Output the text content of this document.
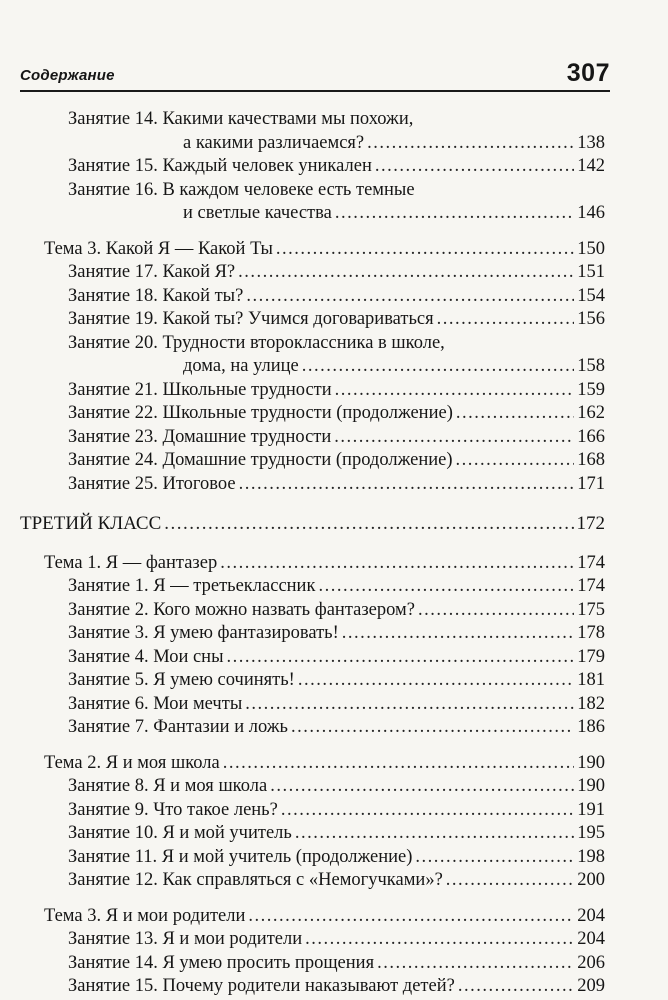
Содержание	307
Занятие 14. Какими качествами мы похожи,
а какими различаемся? .....	138
Занятие 15. Каждый человек уникален .....	142
Занятие 16. В каждом человеке есть темные
и светлые качества .....	146
Тема 3. Какой Я — Какой Ты .....	150
Занятие 17. Какой Я? .....	151
Занятие 18. Какой ты? .....	154
Занятие 19. Какой ты? Учимся договариваться .....	156
Занятие 20. Трудности второклассника в школе,
дома, на улице .....	158
Занятие 21. Школьные трудности .....	159
Занятие 22. Школьные трудности (продолжение) .....	162
Занятие 23. Домашние трудности .....	166
Занятие 24. Домашние трудности (продолжение) .....	168
Занятие 25. Итоговое .....	171
ТРЕТИЙ КЛАСС .....	172
Тема 1. Я — фантазер .....	174
Занятие 1. Я — третьеклассник .....	174
Занятие 2. Кого можно назвать фантазером? .....	175
Занятие 3. Я умею фантазировать! .....	178
Занятие 4. Мои сны .....	179
Занятие 5. Я умею сочинять! .....	181
Занятие 6. Мои мечты .....	182
Занятие 7. Фантазии и ложь .....	186
Тема 2. Я и моя школа .....	190
Занятие 8. Я и моя школа .....	190
Занятие 9. Что такое лень? .....	191
Занятие 10. Я и мой учитель .....	195
Занятие 11. Я и мой учитель (продолжение) .....	198
Занятие 12. Как справляться с «Немогучками»? .....	200
Тема 3. Я и мои родители .....	204
Занятие 13. Я и мои родители .....	204
Занятие 14. Я умею просить прощения .....	206
Занятие 15. Почему родители наказывают детей? .....	209
